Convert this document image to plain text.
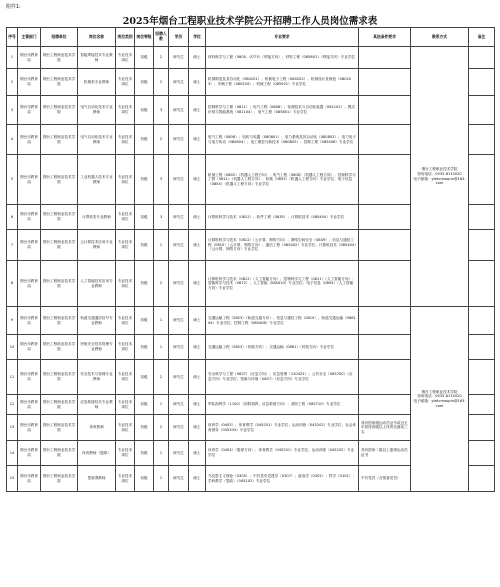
附件1:
2025年烟台工程职业技术学院公开招聘工作人员岗位需求表
序号	主管部门	招聘单位	岗位名称	岗位类别	岗位等级	招聘人数	学历	学位	专业要求	其他条件要求	联系方式	备注
1	烟台市教育局	烟台工程职业技术学院	智能焊接技术专业教师	专业技术岗位	初级	2	研究生	硕士	材料科学与工程（0805、0773）（焊接方向）；材料工程（085601）（焊接方向）专业学位		烟台工程职业技术学院
咨询电话：0535-6115020
电子邮箱：ytetcmaopin@163.com	
2	烟台市教育局	烟台工程职业技术学院	机械类专业教师	专业技术岗位	初级	2	研究生	硕士	机械制造及其自动化（080201）；机械电子工程（080202）；机械设计及理论（080203）；车辆工程（080204）；机械工程（085501）专业学位			
3	烟台市教育局	烟台工程职业技术学院	电气自动化技术专业教师	专业技术岗位	初级	3	研究生	硕士	控制科学与工程（0811）；电气工程（0808）；检测技术与自动化装置（081102）；模式识别与智能系统（081104）；电气工程（085801）专业学位			
4	烟台市教育局	烟台工程职业技术学院	电气自动化技术专业教师	专业技术岗位	初级	2	研究生	硕士	电气工程（0808）；电机与电器（080801）；电力系统及其自动化（080802）；电力电子与电力传动（080804）；电工理论与新技术（080805）；控制工程（085406）专业学位			
5	烟台市教育局	烟台工程职业技术学院	工业机器人技术专业教师	专业技术岗位	初级	3	研究生	硕士	机械工程（0802）（机器人工程方向）；电气工程（0808）（机器人工程方向）；控制科学与工程（0811）（机器人工程方向）；机械（0855）（机器人工程方向）专业学位；电子信息（0854）（机器人工程方向）专业学位			
6	烟台市教育局	烟台工程职业技术学院	计算机类专业教师	专业技术岗位	初级	3	研究生	硕士	计算机科学与技术（0812）；软件工程（0835）；计算机技术（085404）专业学位			
7	烟台市教育局	烟台工程职业技术学院	云计算技术应用专业教师	专业技术岗位	初级	1	研究生	硕士	计算机科学与技术（0812）（云计算、网络方向）；网络空间安全（0839）；信息与通信工程（0810）（云计算、网络方向）；通信工程（085402）专业学位；计算机技术（085404）（云计算、网络方向）专业学位			
8	烟台市教育局	烟台工程职业技术学院	人工智能技术应用专业教师	专业技术岗位	初级	2	研究生	硕士	计算机科学与技术（0812）（人工智能方向）；控制科学与工程（0811）（人工智能方向）；智能科学与技术（0872）；人工智能（085410）专业学位；电子信息（0854）（人工智能方向）专业学位			
9	烟台市教育局	烟台工程职业技术学院	轨道交通通信信号专业教师	专业技术岗位	初级	1	研究生	硕士	交通运输工程（0823）（轨道交通方向）；信息与通信工程（0810）；轨道交通运输（086104）专业学位；控制工程（085406）专业学位		烟台工程职业技术学院
咨询电话：0535-6115020
电子邮箱：ytetcmaopin@163.com	
10	烟台市教育局	烟台工程职业技术学院	民航安全技术管理专业教师	专业技术岗位	初级	1	研究生	硕士	交通运输工程（0823）（民航方向）；交通运输（0861）（民航方向）专业学位			
11	烟台市教育局	烟台工程职业技术学院	安全技术与管理专业教师	专业技术岗位	初级	2	研究生	硕士	安全科学与工程（0837）（应急方向）；应急管理（1204Z1）；公共安全（085700）（应急方向）专业学位；资源与环境（0857）（应急方向）专业学位			
12	烟台市教育局	烟台工程职业技术学院	应急救援技术专业教师	专业技术岗位	初级	1	研究生	硕士	军队指挥学（1100）（消防指挥、应急救援方向）；消防工程（085710）专业学位			
13	烟台市教育局	烟台工程职业技术学院	体育教师	专业技术岗位	初级	2	研究生	硕士	体育学（0403）；体育教学（045201）专业学位；运动训练（045202）专业学位；社会体育指导（045204）专业学位	具有国家级运动员证书或近五年获得省级以上体育比赛前三名		
14	烟台市教育局	烟台工程职业技术学院	体育教师（篮球）	专业技术岗位	初级	1	研究生	硕士	体育学（0403）（篮球方向）；体育教学（045201）专业学位；运动训练（045202）专业学位	具有国家二级以上篮球运动员证书		
15	烟台市教育局	烟台工程职业技术学院	思政课教师	专业技术岗位	初级	1	研究生	硕士	马克思主义理论（0305）；中共党史党建学（0307）；政治学（0302）；哲学（0101）；学科教学（思政）（045102）专业学位	中共党员（含预备党员）		
